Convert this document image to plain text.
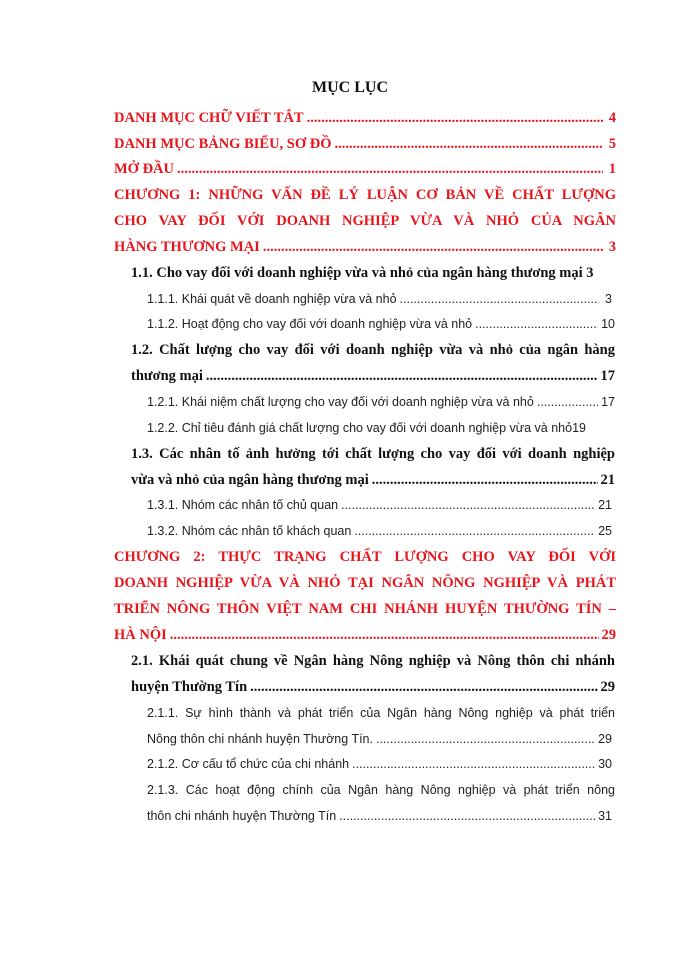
MỤC LỤC
DANH MỤC CHỮ VIẾT TẮT .....	4
DANH MỤC BẢNG BIỂU, SƠ ĐỒ .....	5
MỞ ĐẦU .....	1
CHƯƠNG 1: NHỮNG VẤN ĐỀ LÝ LUẬN CƠ BẢN VỀ CHẤT LƯỢNG
CHO VAY ĐỐI VỚI DOANH NGHIỆP VỪA VÀ NHỎ CỦA NGÂN
HÀNG THƯƠNG MẠI .....	3
1.1. Cho vay đối với doanh nghiệp vừa và nhỏ của ngân hàng thương mại 3
1.1.1. Khái quát về doanh nghiệp vừa và nhỏ .....	3
1.1.2. Hoạt động cho vay đối với doanh nghiệp vừa và nhỏ .....	10
1.2. Chất lượng cho vay đối với doanh nghiệp vừa và nhỏ của ngân hàng
thương mại .....	17
1.2.1. Khái niệm chất lượng cho vay đối với doanh nghiệp vừa và nhỏ .....	17
1.2.2. Chỉ tiêu đánh giá chất lượng cho vay đối với doanh nghiệp vừa và nhỏ19
1.3. Các nhân tố ảnh hưởng tới chất lượng cho vay đối với doanh nghiệp
vừa và nhỏ của ngân hàng thương mại .....	21
1.3.1. Nhóm các nhân tố chủ quan .....	21
1.3.2. Nhóm các nhân tố khách quan .....	25
CHƯƠNG 2: THỰC TRẠNG CHẤT LƯỢNG CHO VAY ĐỐI VỚI
DOANH NGHIỆP VỪA VÀ NHỎ TẠI NGÂN NÔNG NGHIỆP VÀ PHÁT
TRIỂN NÔNG THÔN VIỆT NAM CHI NHÁNH HUYỆN THƯỜNG TÍN –
HÀ NỘI .....	29
2.1. Khái quát chung về Ngân hàng Nông nghiệp và Nông thôn chi nhánh
huyện Thường Tín .....	29
2.1.1. Sự hình thành và phát triển của Ngân hàng Nông nghiệp và phát triển
Nông thôn chi nhánh huyện Thường Tín. .....	29
2.1.2. Cơ cấu tổ chức của chi nhánh .....	30
2.1.3. Các hoạt động chính của Ngân hàng Nông nghiệp và phát triển nông
thôn chi nhánh huyện Thường Tín .....	31
